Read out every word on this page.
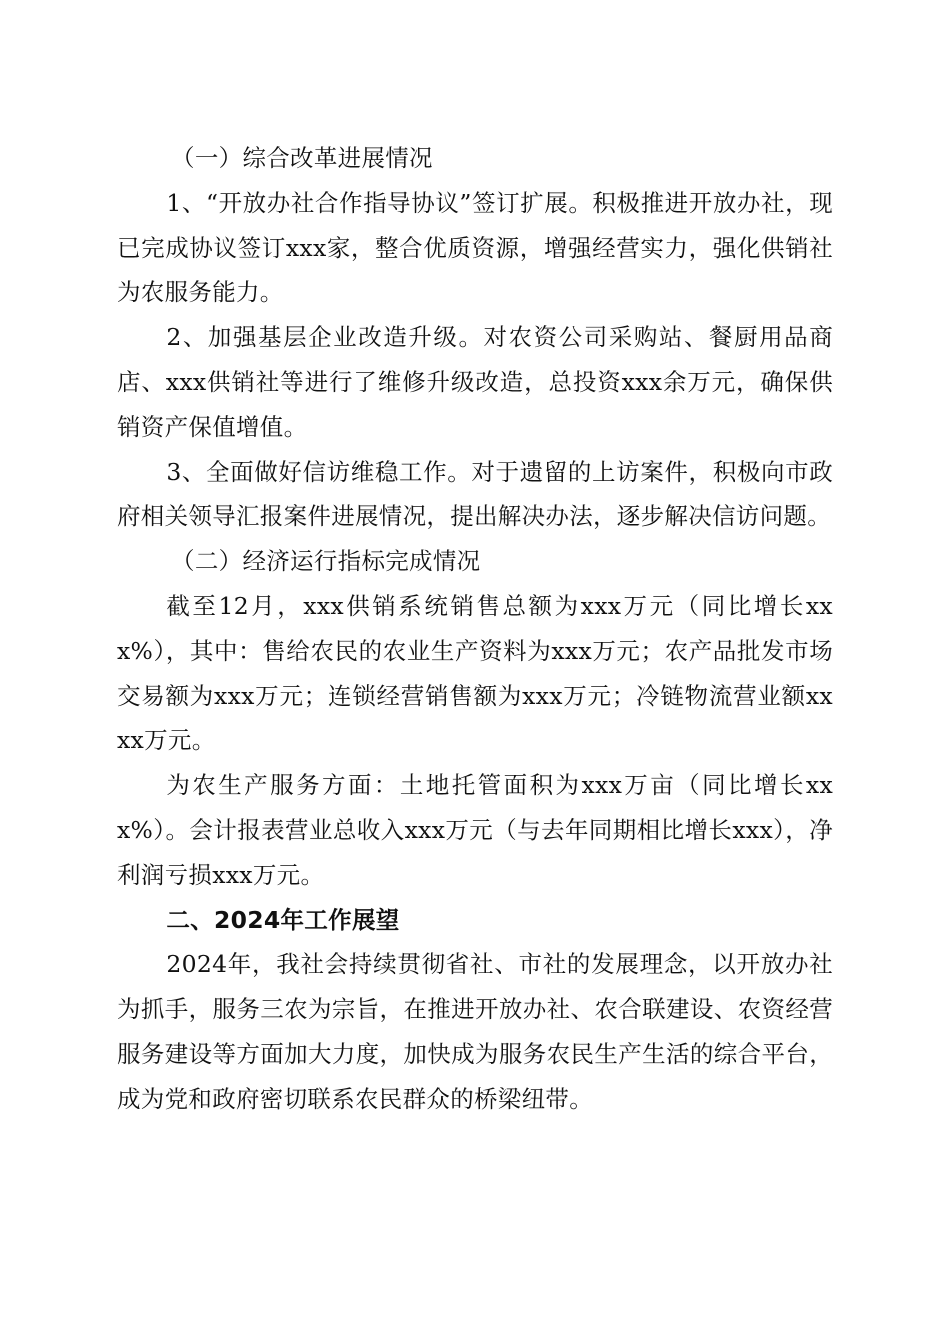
（一）综合改革进展情况

1、“开放办社合作指导协议”签订扩展。积极推进开放办社，现已完成协议签订xxx家，整合优质资源，增强经营实力，强化供销社为农服务能力。

2、加强基层企业改造升级。对农资公司采购站、餐厨用品商店、xxx供销社等进行了维修升级改造，总投资xxx余万元，确保供销资产保值增值。

3、全面做好信访维稳工作。对于遗留的上访案件，积极向市政府相关领导汇报案件进展情况，提出解决办法，逐步解决信访问题。

（二）经济运行指标完成情况

截至12月，xxx供销系统销售总额为xxx万元（同比增长xxx%），其中：售给农民的农业生产资料为xxx万元；农产品批发市场交易额为xxx万元；连锁经营销售额为xxx万元；冷链物流营业额xxxx万元。

为农生产服务方面：土地托管面积为xxx万亩（同比增长xxx%）。会计报表营业总收入xxx万元（与去年同期相比增长xxx），净利润亏损xxx万元。

二、2024年工作展望

2024年，我社会持续贯彻省社、市社的发展理念，以开放办社为抓手，服务三农为宗旨，在推进开放办社、农合联建设、农资经营服务建设等方面加大力度，加快成为服务农民生产生活的综合平台，成为党和政府密切联系农民群众的桥梁纽带。
